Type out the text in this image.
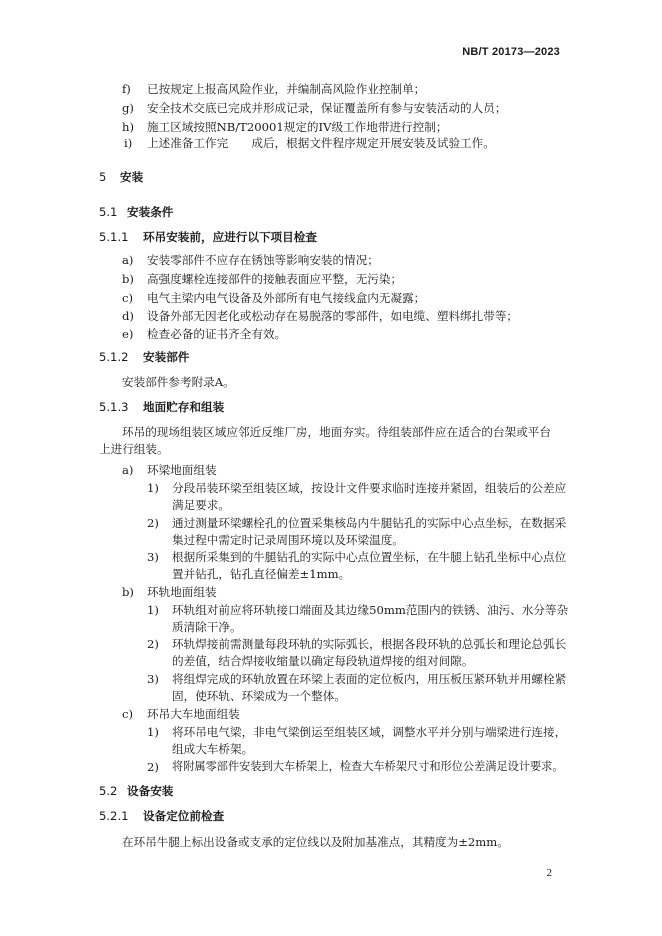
NB/T 20173—2023
f) 已按规定上报高风险作业，并编制高风险作业控制单；
g) 安全技术交底已完成并形成记录，保证覆盖所有参与安装活动的人员；
h) 施工区域按照NB/T20001规定的IV级工作地带进行控制；
i) 上述准备工作完　　成后，根据文件程序规定开展安装及试验工作。
5 安装
5.1 安装条件
5.1.1 环吊安装前，应进行以下项目检查
a) 安装零部件不应存在锈蚀等影响安装的情况；
b) 高强度螺栓连接部件的接触表面应平整，无污染；
c) 电气主梁内电气设备及外部所有电气接线盒内无凝露；
d) 设备外部无因老化或松动存在易脱落的零部件，如电缆、塑料绑扎带等；
e) 检查必备的证书齐全有效。
5.1.2 安装部件
安装部件参考附录A。
5.1.3 地面贮存和组装
环吊的现场组装区域应邻近反维厂房，地面夯实。待组装部件应在适合的台架或平台
上进行组装。
a) 环梁地面组装
1) 分段吊装环梁至组装区域，按设计文件要求临时连接并紧固，组装后的公差应
满足要求。
2) 通过测量环梁螺栓孔的位置采集核岛内牛腿钻孔的实际中心点坐标，在数据采
集过程中需定时记录周围环境以及环梁温度。
3) 根据所采集到的牛腿钻孔的实际中心点位置坐标，在牛腿上钻孔坐标中心点位
置并钻孔，钻孔直径偏差±1mm。
b) 环轨地面组装
1) 环轨组对前应将环轨接口端面及其边缘50mm范围内的铁锈、油污、水分等杂
质清除干净。
2) 环轨焊接前需测量每段环轨的实际弧长，根据各段环轨的总弧长和理论总弧长
的差值，结合焊接收缩量以确定每段轨道焊接的组对间隙。
3) 将组焊完成的环轨放置在环梁上表面的定位板内，用压板压紧环轨并用螺栓紧
固，使环轨、环梁成为一个整体。
c) 环吊大车地面组装
1) 将环吊电气梁，非电气梁倒运至组装区域，调整水平并分别与端梁进行连接，
组成大车桥架。
2) 将附属零部件安装到大车桥架上，检查大车桥架尺寸和形位公差满足设计要求。
5.2 设备安装
5.2.1 设备定位前检查
在环吊牛腿上标出设备或支承的定位线以及附加基准点，其精度为±2mm。
2
